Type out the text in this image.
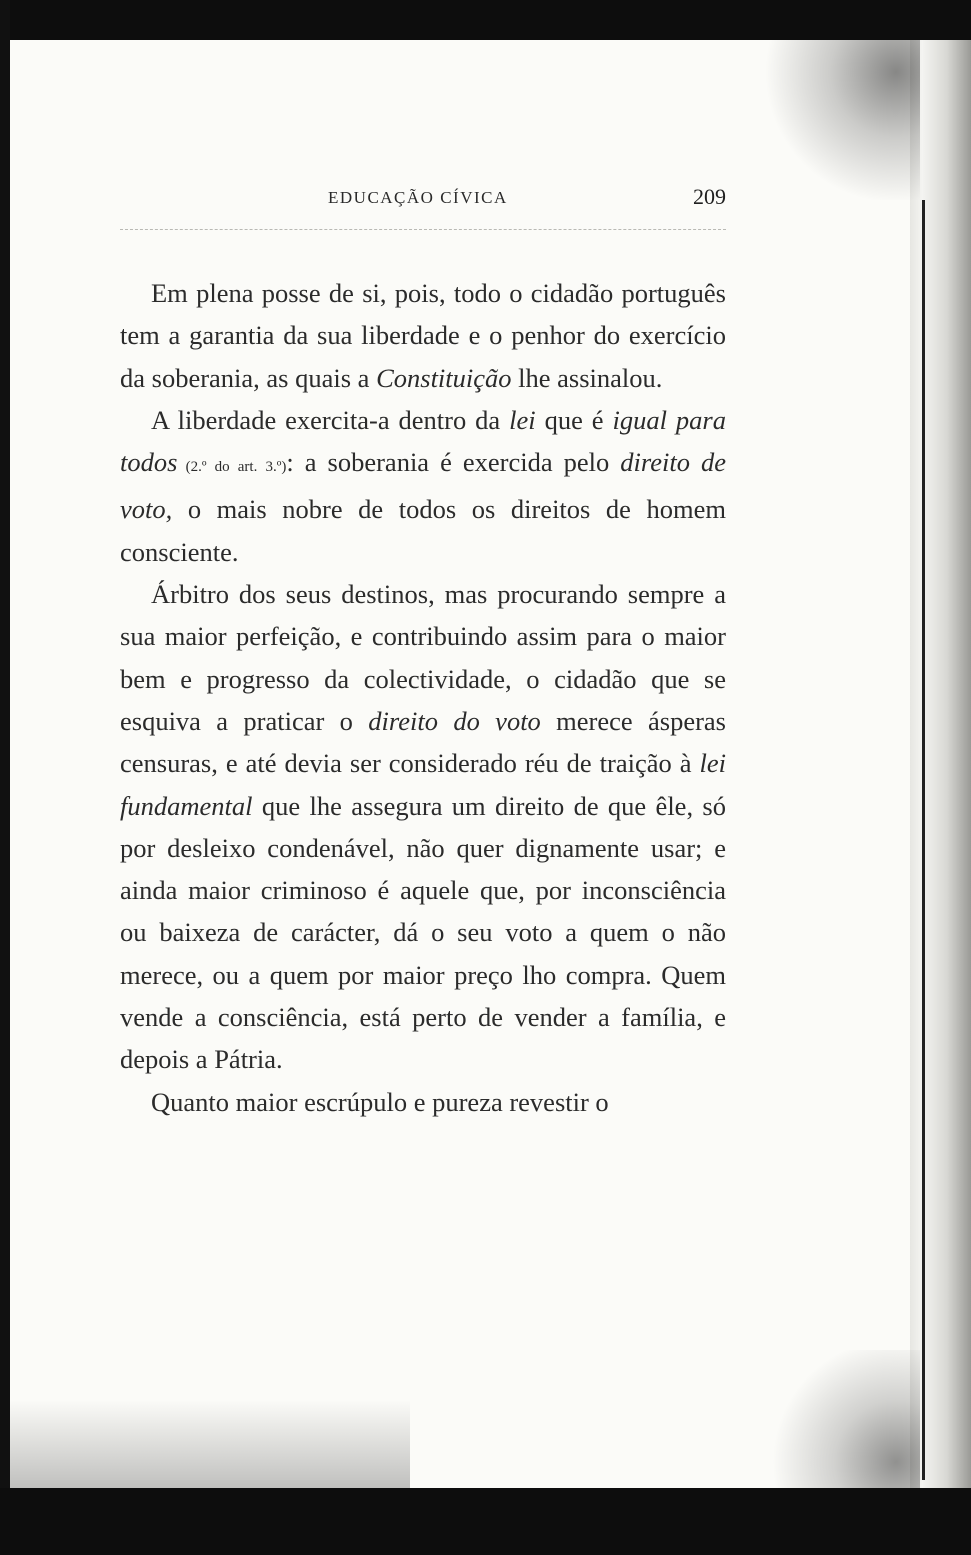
EDUCAÇÃO CÍVICA	209

Em plena posse de si, pois, todo o cidadão português tem a garantia da sua liberdade e o penhor do exercício da soberania, as quais a Constituição lhe assinalou.

A liberdade exercita-a dentro da lei que é igual para todos (2.º do art. 3.º): a soberania é exercida pelo direito de voto, o mais nobre de todos os direitos de homem consciente.

Árbitro dos seus destinos, mas procurando sempre a sua maior perfeição, e contribuindo assim para o maior bem e progresso da colectividade, o cidadão que se esquiva a praticar o direito do voto merece ásperas censuras, e até devia ser considerado réu de traição à lei fundamental que lhe assegura um direito de que êle, só por desleixo condenável, não quer dignamente usar; e ainda maior criminoso é aquele que, por inconsciência ou baixeza de carácter, dá o seu voto a quem o não merece, ou a quem por maior preço lho compra. Quem vende a consciência, está perto de vender a família, e depois a Pátria.

Quanto maior escrúpulo e pureza revestir o
